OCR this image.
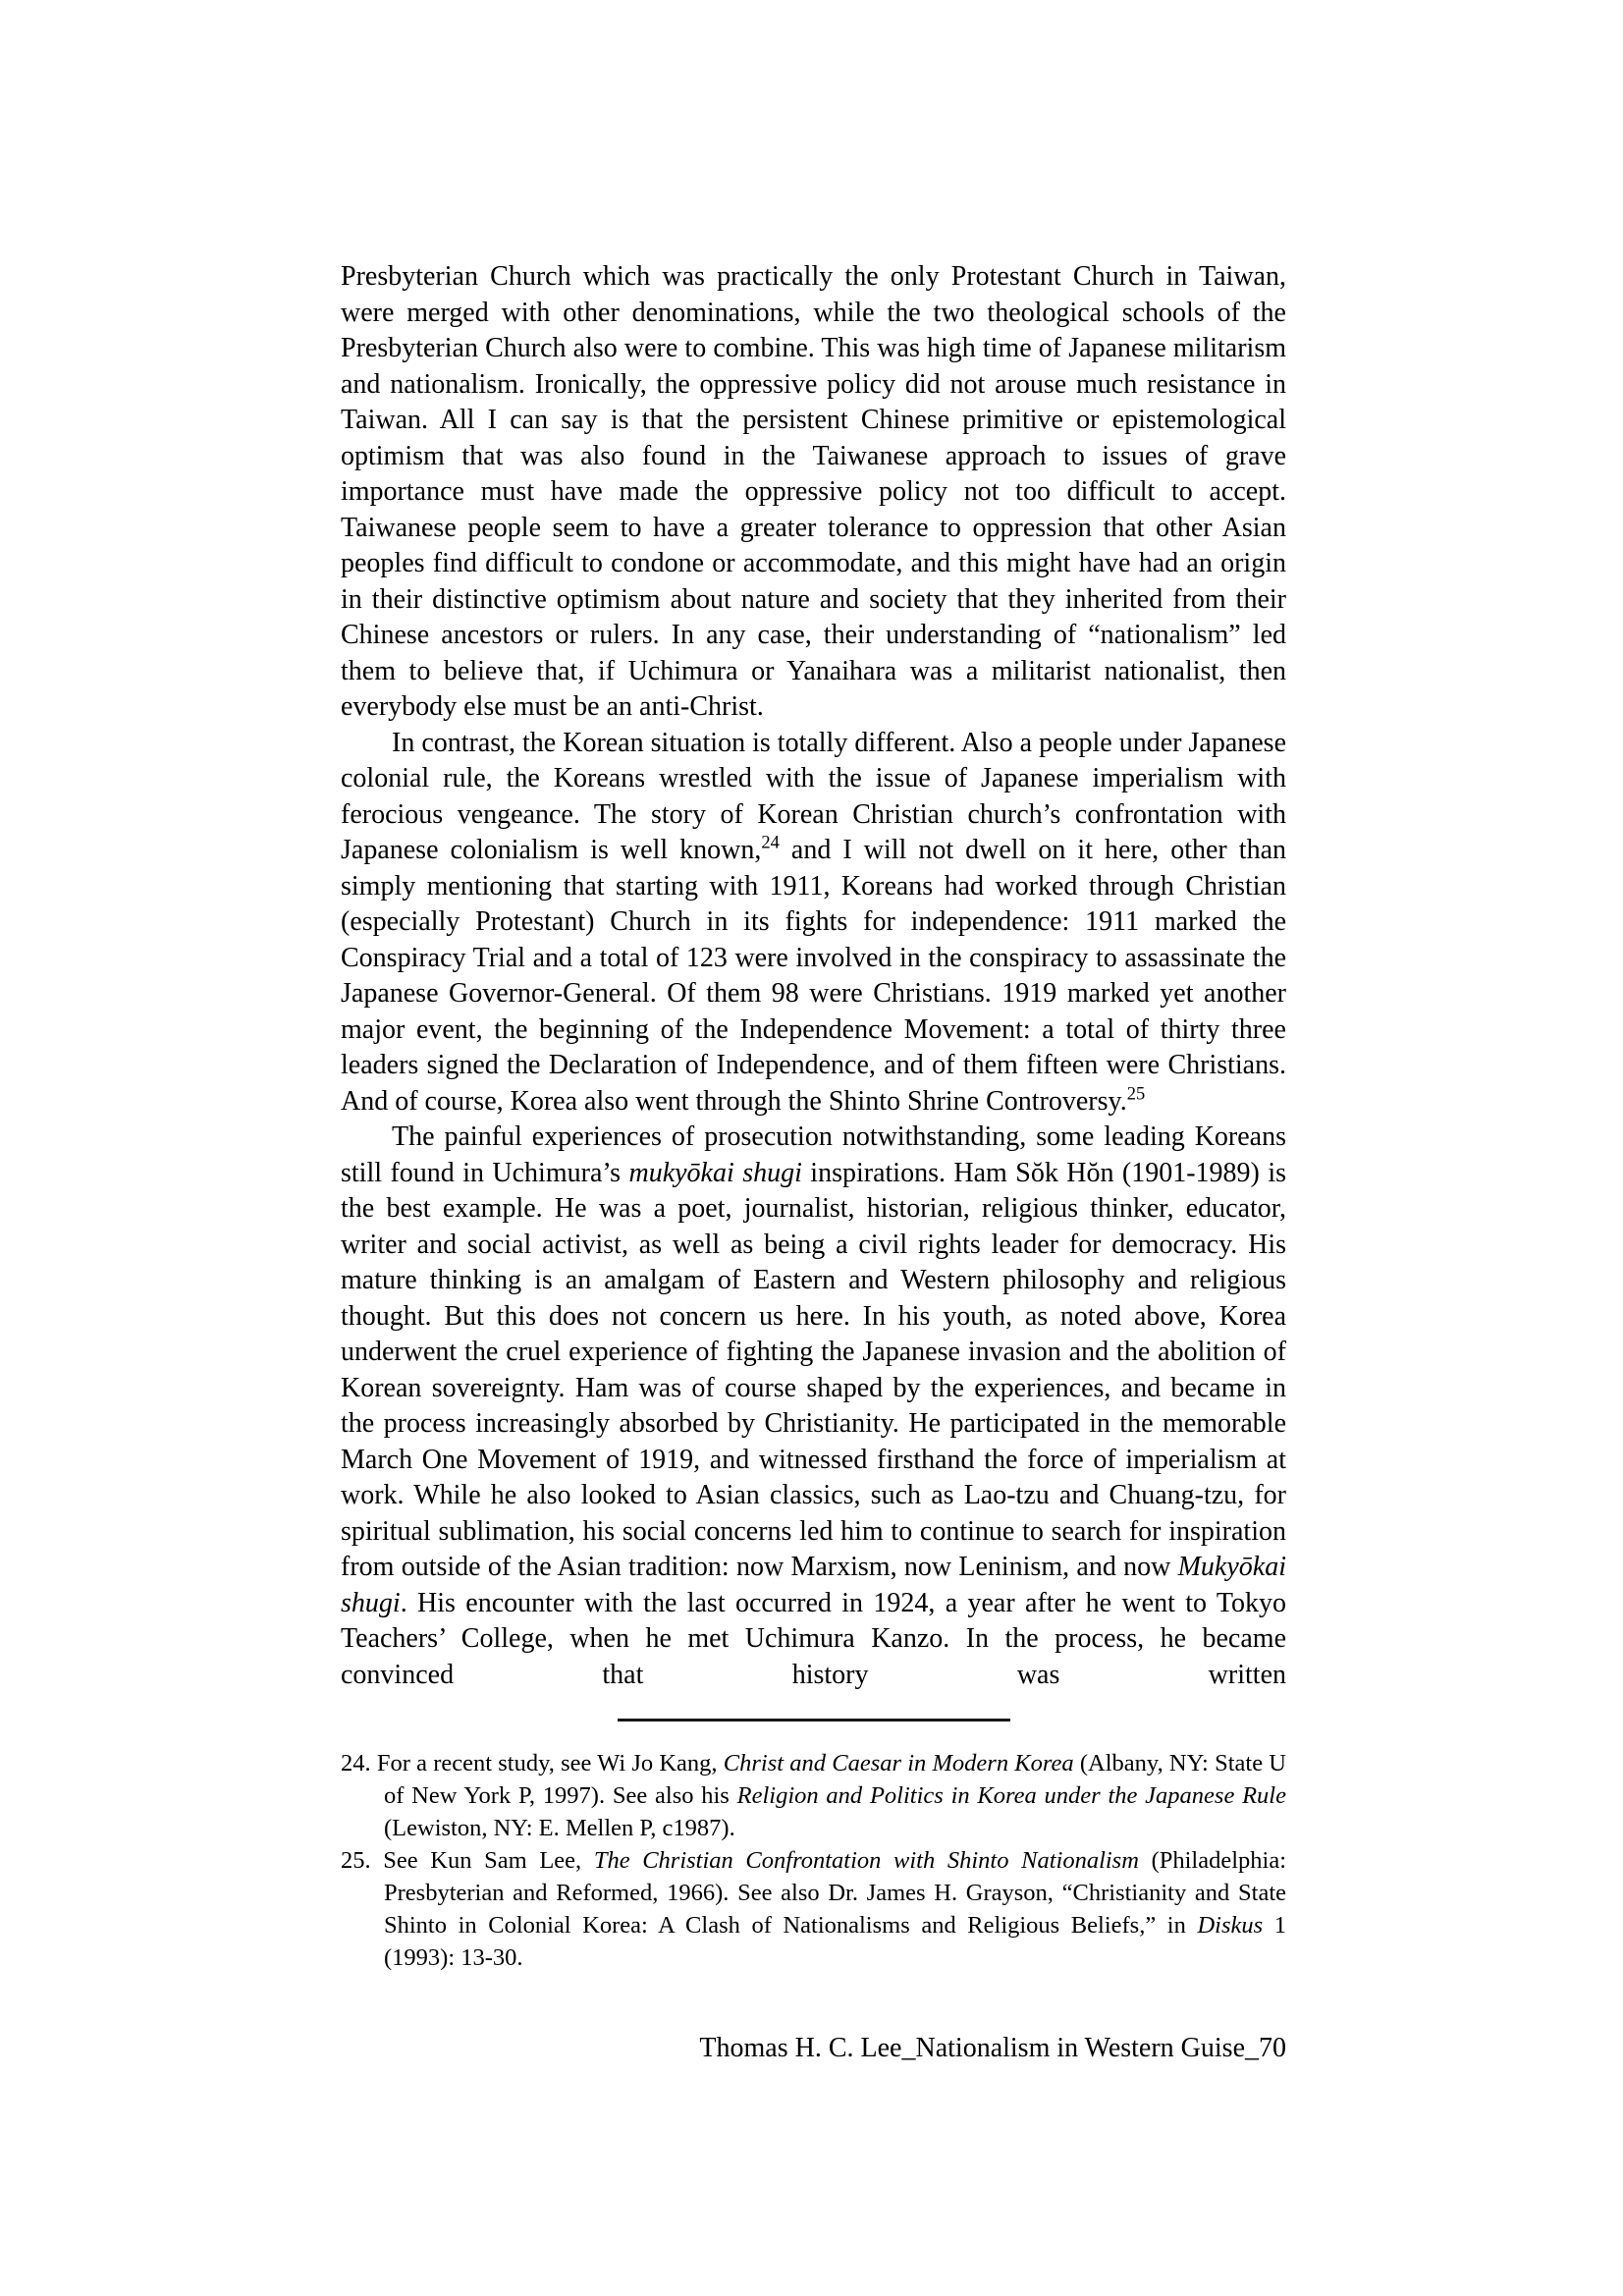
Presbyterian Church which was practically the only Protestant Church in Taiwan, were merged with other denominations, while the two theological schools of the Presbyterian Church also were to combine. This was high time of Japanese militarism and nationalism. Ironically, the oppressive policy did not arouse much resistance in Taiwan. All I can say is that the persistent Chinese primitive or epistemological optimism that was also found in the Taiwanese approach to issues of grave importance must have made the oppressive policy not too difficult to accept. Taiwanese people seem to have a greater tolerance to oppression that other Asian peoples find difficult to condone or accommodate, and this might have had an origin in their distinctive optimism about nature and society that they inherited from their Chinese ancestors or rulers. In any case, their understanding of “nationalism” led them to believe that, if Uchimura or Yanaihara was a militarist nationalist, then everybody else must be an anti-Christ.

In contrast, the Korean situation is totally different. Also a people under Japanese colonial rule, the Koreans wrestled with the issue of Japanese imperialism with ferocious vengeance. The story of Korean Christian church’s confrontation with Japanese colonialism is well known,$^{24}$ and I will not dwell on it here, other than simply mentioning that starting with 1911, Koreans had worked through Christian (especially Protestant) Church in its fights for independence: 1911 marked the Conspiracy Trial and a total of 123 were involved in the conspiracy to assassinate the Japanese Governor-General. Of them 98 were Christians. 1919 marked yet another major event, the beginning of the Independence Movement: a total of thirty three leaders signed the Declaration of Independence, and of them fifteen were Christians. And of course, Korea also went through the Shinto Shrine Controversy.$^{25}$

The painful experiences of prosecution notwithstanding, some leading Koreans still found in Uchimura’s mukyōkai shugi inspirations. Ham Sŏk Hŏn (1901-1989) is the best example. He was a poet, journalist, historian, religious thinker, educator, writer and social activist, as well as being a civil rights leader for democracy. His mature thinking is an amalgam of Eastern and Western philosophy and religious thought. But this does not concern us here. In his youth, as noted above, Korea underwent the cruel experience of fighting the Japanese invasion and the abolition of Korean sovereignty. Ham was of course shaped by the experiences, and became in the process increasingly absorbed by Christianity. He participated in the memorable March One Movement of 1919, and witnessed firsthand the force of imperialism at work. While he also looked to Asian classics, such as Lao-tzu and Chuang-tzu, for spiritual sublimation, his social concerns led him to continue to search for inspiration from outside of the Asian tradition: now Marxism, now Leninism, and now Mukyōkai shugi. His encounter with the last occurred in 1924, a year after he went to Tokyo Teachers’ College, when he met Uchimura Kanzo. In the process, he became convinced that history was written

24. For a recent study, see Wi Jo Kang, Christ and Caesar in Modern Korea (Albany, NY: State U of New York P, 1997). See also his Religion and Politics in Korea under the Japanese Rule (Lewiston, NY: E. Mellen P, c1987).

25. See Kun Sam Lee, The Christian Confrontation with Shinto Nationalism (Philadelphia: Presbyterian and Reformed, 1966). See also Dr. James H. Grayson, “Christianity and State Shinto in Colonial Korea: A Clash of Nationalisms and Religious Beliefs,” in Diskus 1 (1993): 13-30.

Thomas H. C. Lee_Nationalism in Western Guise_70
